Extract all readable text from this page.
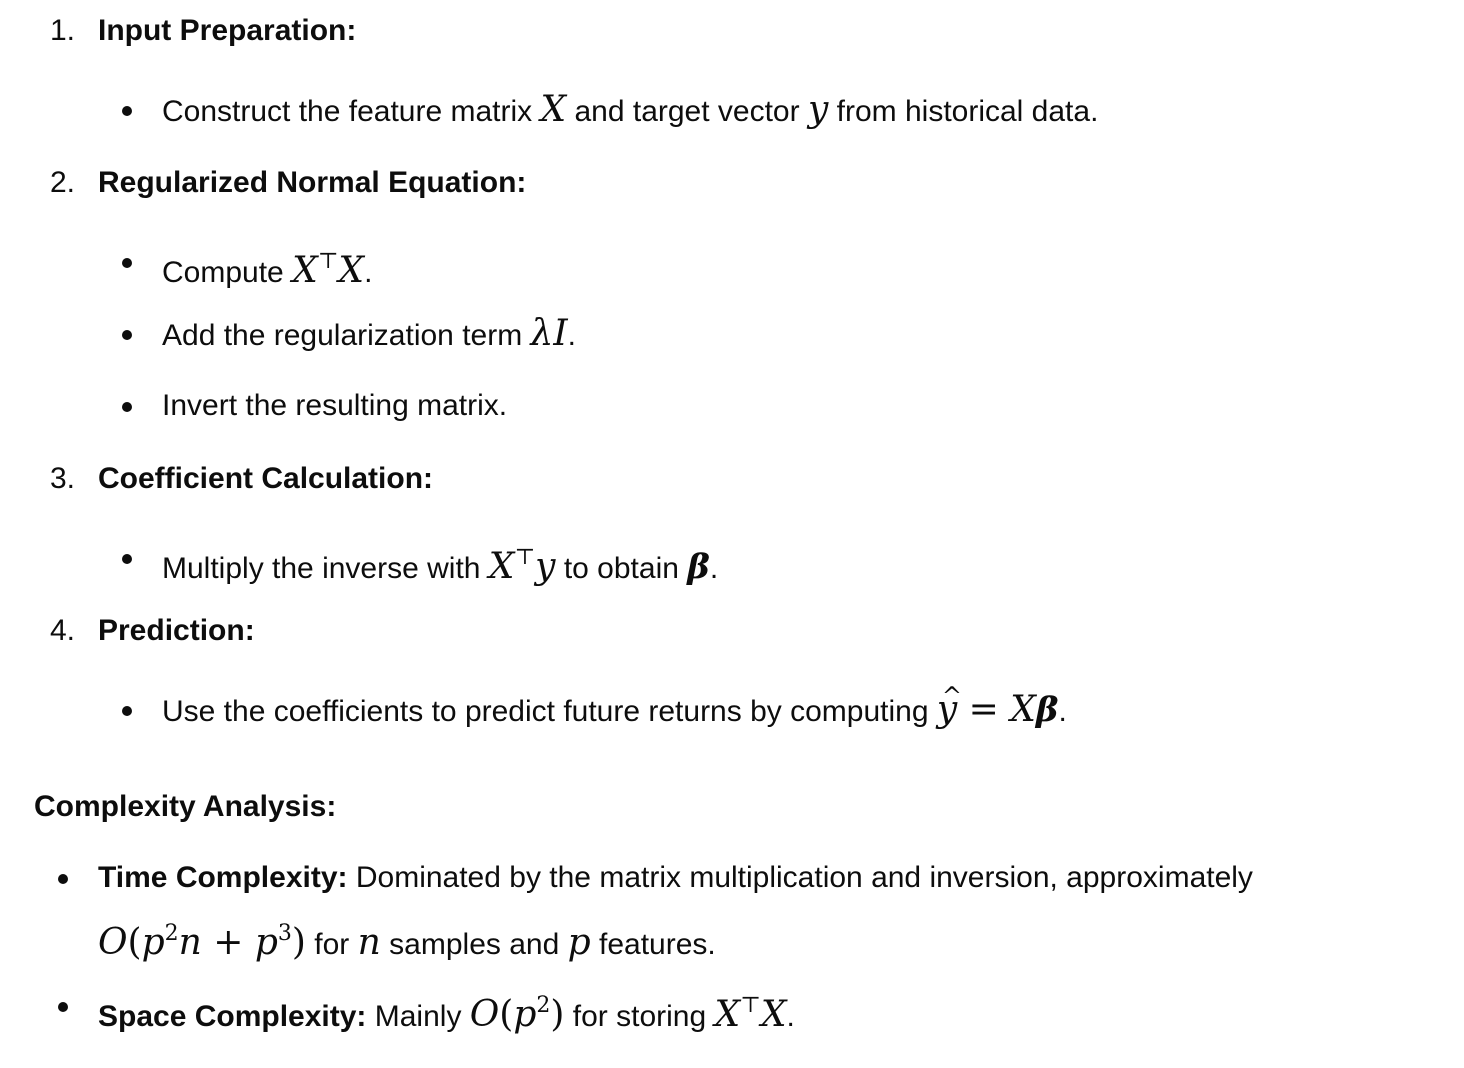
1. Input Preparation:
Construct the feature matrix X and target vector y from historical data.
2. Regularized Normal Equation:
Compute X⊤X.
Add the regularization term λI.
Invert the resulting matrix.
3. Coefficient Calculation:
Multiply the inverse with X⊤y to obtain β.
4. Prediction:
Use the coefficients to predict future returns by computing ^ y = Xβ.
Complexity Analysis:
Time Complexity: Dominated by the matrix multiplication and inversion, approximately
$O(p^2n + p^3)$ for n samples and p features.
Space Complexity: Mainly $O(p^2)$ for storing X⊤X.
